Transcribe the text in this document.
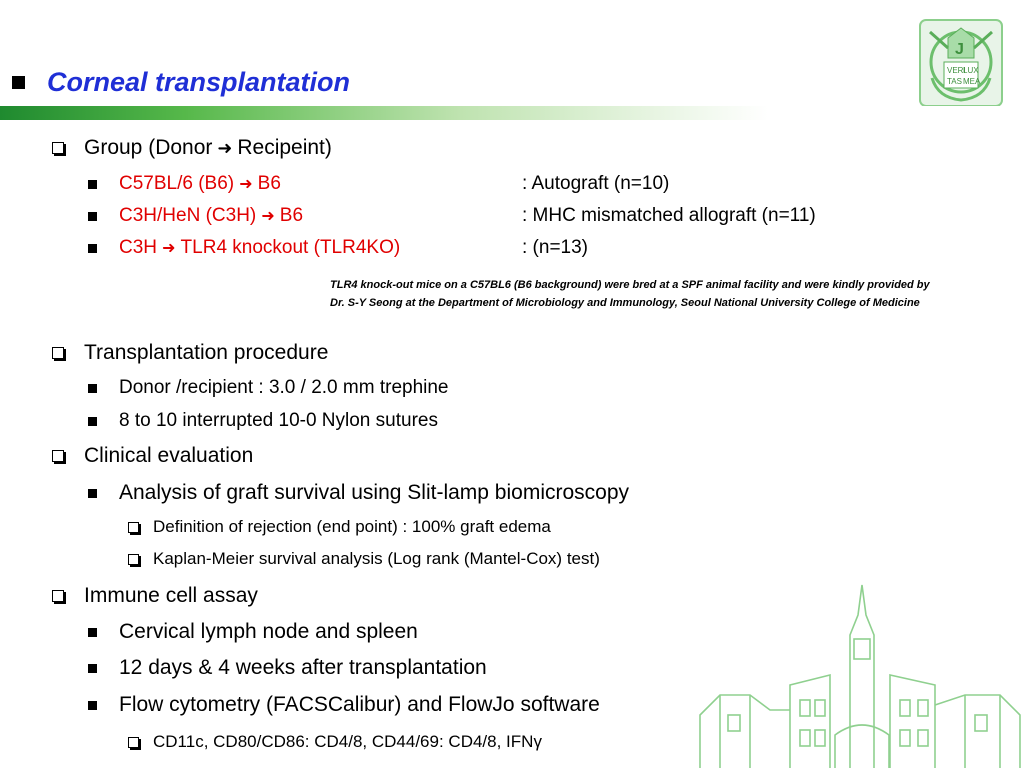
J
VERI
LUX
TAS MEA
Corneal transplantation
Group (Donor ➜ Recipeint)
C57BL/6 (B6) ➜ B6	: Autograft (n=10)
C3H/HeN (C3H) ➜ B6	: MHC mismatched allograft (n=11)
C3H ➜ TLR4 knockout (TLR4KO)	: (n=13)
TLR4 knock-out mice on a C57BL6 (B6 background) were bred at a SPF animal facility and were kindly provided by
Dr. S-Y Seong at the Department of Microbiology and Immunology, Seoul National University College of Medicine
Transplantation procedure
Donor /recipient : 3.0 / 2.0 mm trephine
8 to 10 interrupted 10-0 Nylon sutures
Clinical evaluation
Analysis of graft survival using Slit-lamp biomicroscopy
Definition of rejection (end point) : 100% graft edema
Kaplan-Meier survival analysis (Log rank (Mantel-Cox) test)
Immune cell assay
Cervical lymph node and spleen
12 days & 4 weeks after transplantation
Flow cytometry (FACSCalibur) and FlowJo software
CD11c, CD80/CD86: CD4/8, CD44/69: CD4/8, IFN γ
